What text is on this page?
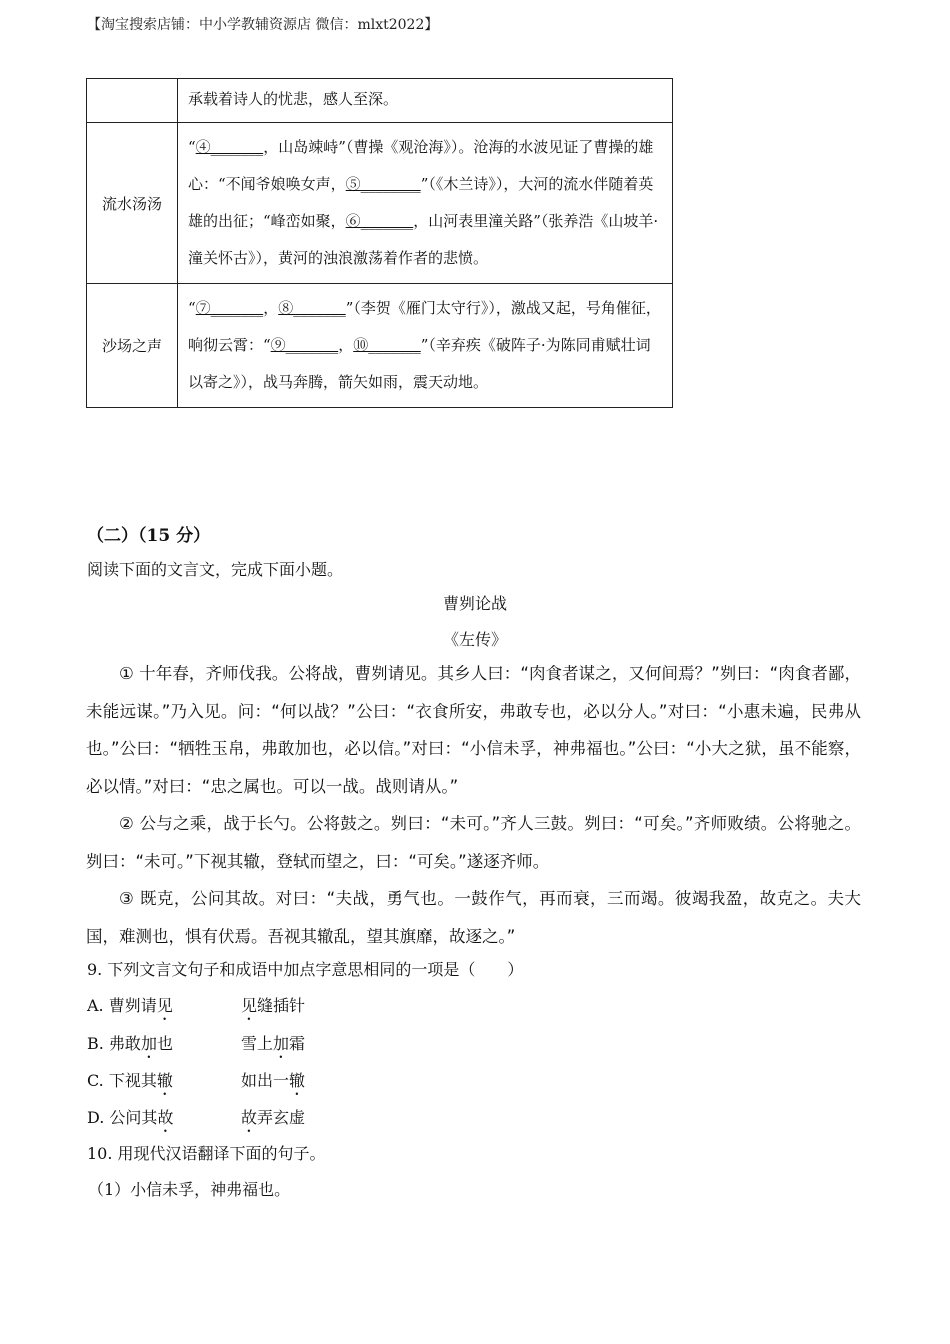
【淘宝搜索店铺：中小学教辅资源店 微信：mlxt2022】
	承载着诗人的忧悲，感人至深。
流水汤汤	“④_______，山岛竦峙”（曹操《观沧海》）。沧海的水波见证了曹操的雄心：“不闻爷娘唤女声，⑤________”（《木兰诗》），大河的流水伴随着英雄的出征；“峰峦如聚，⑥_______，山河表里潼关路”（张养浩《山坡羊·潼关怀古》），黄河的浊浪激荡着作者的悲愤。
沙场之声	“⑦_______，⑧_______”（李贺《雁门太守行》），激战又起，号角催征，响彻云霄：“⑨_______，⑩_______”（辛弃疾《破阵子·为陈同甫赋壮词以寄之》），战马奔腾，箭矢如雨，震天动地。
（二）（15 分）
阅读下面的文言文，完成下面小题。
曹刿论战
《左传》

① 十年春，齐师伐我。公将战，曹刿请见。其乡人曰：“肉食者谋之，又何间焉？”刿曰：“肉食者鄙，未能远谋。”乃入见。问：“何以战？”公曰：“衣食所安，弗敢专也，必以分人。”对曰：“小惠未遍，民弗从也。”公曰：“牺牲玉帛，弗敢加也，必以信。”对曰：“小信未孚，神弗福也。”公曰：“小大之狱，虽不能察，必以情。”对曰：“忠之属也。可以一战。战则请从。”

② 公与之乘，战于长勺。公将鼓之。刿曰：“未可。”齐人三鼓。刿曰：“可矣。”齐师败绩。公将驰之。刿曰：“未可。”下视其辙，登轼而望之，曰：“可矣。”遂逐齐师。

③ 既克，公问其故。对曰：“夫战，勇气也。一鼓作气，再而衰，三而竭。彼竭我盈，故克之。夫大国，难测也，惧有伏焉。吾视其辙乱，望其旗靡，故逐之。”

9. 下列文言文句子和成语中加点字意思相同的一项是（　　）
A. 曹刿请见	见缝插针
B. 弗敢加也	雪上加霜
C. 下视其辙	如出一辙
D. 公问其故	故弄玄虚
10. 用现代汉语翻译下面的句子。
（1）小信未孚，神弗福也。
